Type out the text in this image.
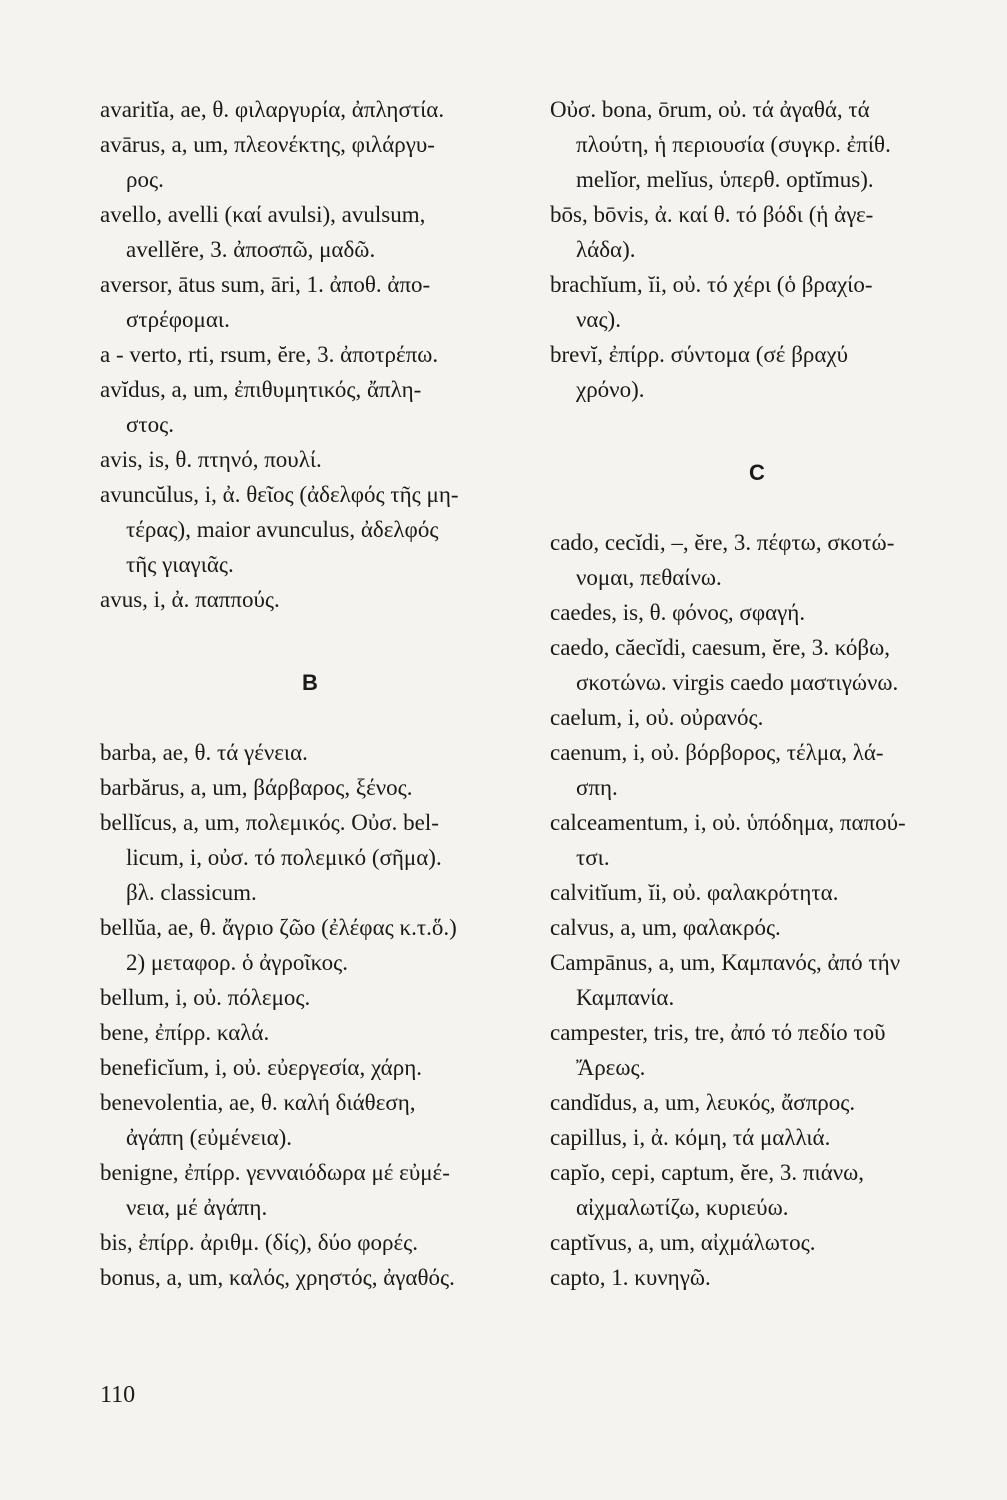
avaritĭa, ae, θ. φιλαργυρία, ἀπληστία.
avārus, a, um, πλεονέκτης, φιλάργυ-
ρος.
avello, avelli (καί avulsi), avulsum,
avellĕre, 3. ἀποσπῶ, μαδῶ.
aversor, ātus sum, āri, 1. ἀποθ. ἀπο-
στρέφομαι.
a - verto, rti, rsum, ĕre, 3. ἀποτρέπω.
avĭdus, a, um, ἐπιθυμητικός, ἄπλη-
στος.
avis, is, θ. πτηνό, πουλί.
avuncŭlus, i, ἀ. θεῖος (ἀδελφός τῆς μη-
τέρας), maior avunculus, ἀδελφός
τῆς γιαγιᾶς.
avus, i, ἀ. παππούς.
B
barba, ae, θ. τά γένεια.
barbărus, a, um, βάρβαρος, ξένος.
bellĭcus, a, um, πολεμικός. Οὐσ. bel-
licum, i, οὐσ. τό πολεμικό (σῆμα).
βλ. classicum.
bellŭa, ae, θ. ἄγριο ζῶο (ἐλέφας κ.τ.ὅ.)
2) μεταφορ. ὁ ἀγροῖκος.
bellum, i, οὐ. πόλεμος.
bene, ἐπίρρ. καλά.
beneficĭum, i, οὐ. εὐεργεσία, χάρη.
benevolentia, ae, θ. καλή διάθεση,
ἀγάπη (εὐμένεια).
benigne, ἐπίρρ. γενναιόδωρα μέ εὐμέ-
νεια, μέ ἀγάπη.
bis, ἐπίρρ. ἀριθμ. (δίς), δύο φορές.
bonus, a, um, καλός, χρηστός, ἀγαθός.
Οὐσ. bona, ōrum, οὐ. τά ἀγαθά, τά
πλούτη, ἡ περιουσία (συγκρ. ἐπίθ.
melĭor, melĭus, ὑπερθ. optĭmus).
bōs, bōvis, ἀ. καί θ. τό βόδι (ἡ ἀγε-
λάδα).
brachĭum, ĭi, οὐ. τό χέρι (ὁ βραχίο-
νας).
brevĭ, ἐπίρρ. σύντομα (σέ βραχύ
χρόνο).
C
cado, cecĭdi, –, ĕre, 3. πέφτω, σκοτώ-
νομαι, πεθαίνω.
caedes, is, θ. φόνος, σφαγή.
caedo, căecĭdi, caesum, ĕre, 3. κόβω,
σκοτώνω. virgis caedo μαστιγώνω.
caelum, i, οὐ. οὐρανός.
caenum, i, οὐ. βόρβορος, τέλμα, λά-
σπη.
calceamentum, i, οὐ. ὑπόδημα, παπού-
τσι.
calvitĭum, ĭi, οὐ. φαλακρότητα.
calvus, a, um, φαλακρός.
Campānus, a, um, Καμπανός, ἀπό τήν
Καμπανία.
campester, tris, tre, ἀπό τό πεδίο τοῦ
Ἄρεως.
candĭdus, a, um, λευκός, ἄσπρος.
capillus, i, ἀ. κόμη, τά μαλλιά.
capĭo, cepi, captum, ĕre, 3. πιάνω,
αἰχμαλωτίζω, κυριεύω.
captĭvus, a, um, αἰχμάλωτος.
capto, 1. κυνηγῶ.
110
